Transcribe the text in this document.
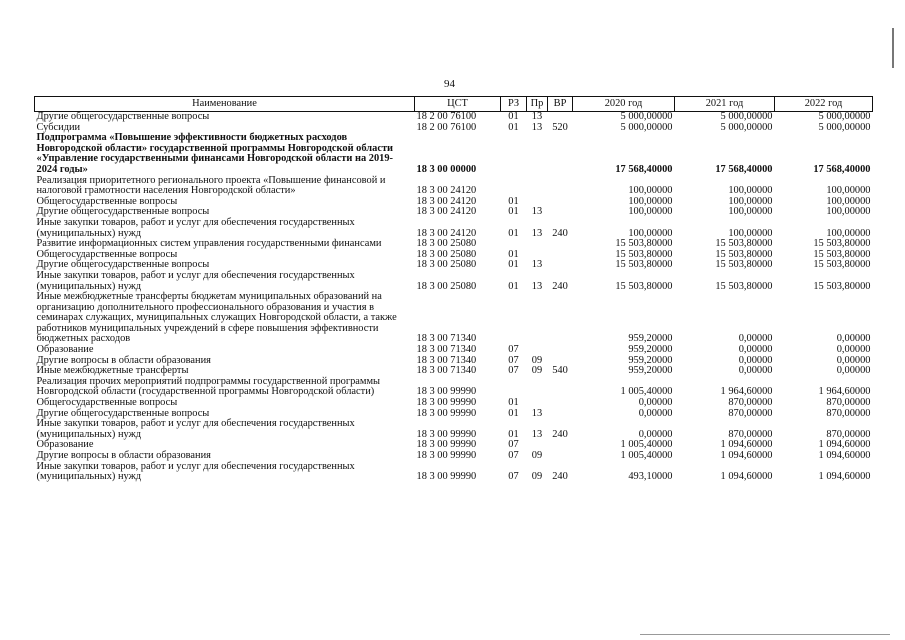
94
Наименование	ЦСТ	РЗ	Пр	ВР	2020 год	2021 год	2022 год
Другие общегосударственные вопросы	18 2 00 76100	01	13		5 000,00000	5 000,00000	5 000,00000
Субсидии	18 2 00 76100	01	13	520	5 000,00000	5 000,00000	5 000,00000
Подпрограмма «Повышение эффективности бюджетных расходов Новгородской области» государственной программы Новгородской области «Управление государственными финансами Новгородской области на 2019-2024 годы»	18 3 00 00000				17 568,40000	17 568,40000	17 568,40000
Реализация приоритетного регионального проекта «Повышение финансовой и налоговой грамотности населения Новгородской области»	18 3 00 24120				100,00000	100,00000	100,00000
Общегосударственные вопросы	18 3 00 24120	01			100,00000	100,00000	100,00000
Другие общегосударственные вопросы	18 3 00 24120	01	13		100,00000	100,00000	100,00000
Иные закупки товаров, работ и услуг для обеспечения государственных (муниципальных) нужд	18 3 00 24120	01	13	240	100,00000	100,00000	100,00000
Развитие информационных систем управления государственными финансами	18 3 00 25080				15 503,80000	15 503,80000	15 503,80000
Общегосударственные вопросы	18 3 00 25080	01			15 503,80000	15 503,80000	15 503,80000
Другие общегосударственные вопросы	18 3 00 25080	01	13		15 503,80000	15 503,80000	15 503,80000
Иные закупки товаров, работ и услуг для обеспечения государственных (муниципальных) нужд	18 3 00 25080	01	13	240	15 503,80000	15 503,80000	15 503,80000
Иные межбюджетные трансферты бюджетам муниципальных образований на организацию дополнительного профессионального образования и участия в семинарах служащих, муниципальных служащих Новгородской области, а также работников муниципальных учреждений в сфере повышения эффективности бюджетных расходов	18 3 00 71340				959,20000	0,00000	0,00000
Образование	18 3 00 71340	07			959,20000	0,00000	0,00000
Другие вопросы в области образования	18 3 00 71340	07	09		959,20000	0,00000	0,00000
Иные межбюджетные трансферты	18 3 00 71340	07	09	540	959,20000	0,00000	0,00000
Реализация прочих мероприятий подпрограммы государственной программы Новгородской области (государственной программы Новгородской области)	18 3 00 99990				1 005,40000	1 964,60000	1 964,60000
Общегосударственные вопросы	18 3 00 99990	01			0,00000	870,00000	870,00000
Другие общегосударственные вопросы	18 3 00 99990	01	13		0,00000	870,00000	870,00000
Иные закупки товаров, работ и услуг для обеспечения государственных (муниципальных) нужд	18 3 00 99990	01	13	240	0,00000	870,00000	870,00000
Образование	18 3 00 99990	07			1 005,40000	1 094,60000	1 094,60000
Другие вопросы в области образования	18 3 00 99990	07	09		1 005,40000	1 094,60000	1 094,60000
Иные закупки товаров, работ и услуг для обеспечения государственных (муниципальных) нужд	18 3 00 99990	07	09	240	493,10000	1 094,60000	1 094,60000
